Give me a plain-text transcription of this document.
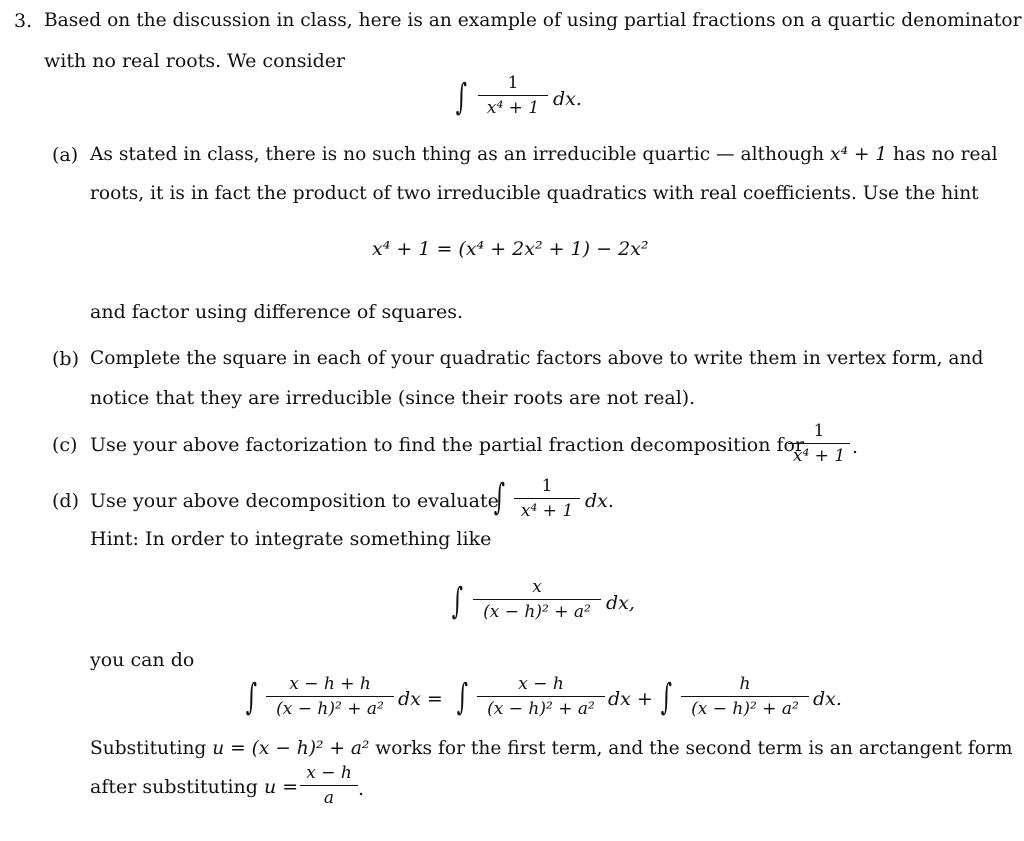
3. Based on the discussion in class, here is an example of using partial fractions on a quartic denominator
with no real roots. We consider
∫	1
x⁴ + 1 dx.
(a) As stated in class, there is no such thing as an irreducible quartic — although x⁴ + 1 has no real
roots, it is in fact the product of two irreducible quadratics with real coefficients. Use the hint
x⁴ + 1 = (x⁴ + 2x² + 1) − 2x²
and factor using difference of squares.
(b) Complete the square in each of your quadratic factors above to write them in vertex form, and
notice that they are irreducible (since their roots are not real).
(c) Use your above factorization to find the partial fraction decomposition for
1
x⁴ + 1 .
(d) Use your above decomposition to evaluate
∫	1
x⁴ + 1 dx.
Hint: In order to integrate something like
∫	x
(x − h)² + a² dx,
you can do
∫	x − h + h
(x − h)² + a² dx = ∫	x − h
(x − h)² + a² dx + ∫	h
(x − h)² + a² dx.
Substituting u = (x − h)² + a² works for the first term, and the second term is an arctangent form
after substituting u =
x − h
a	.
